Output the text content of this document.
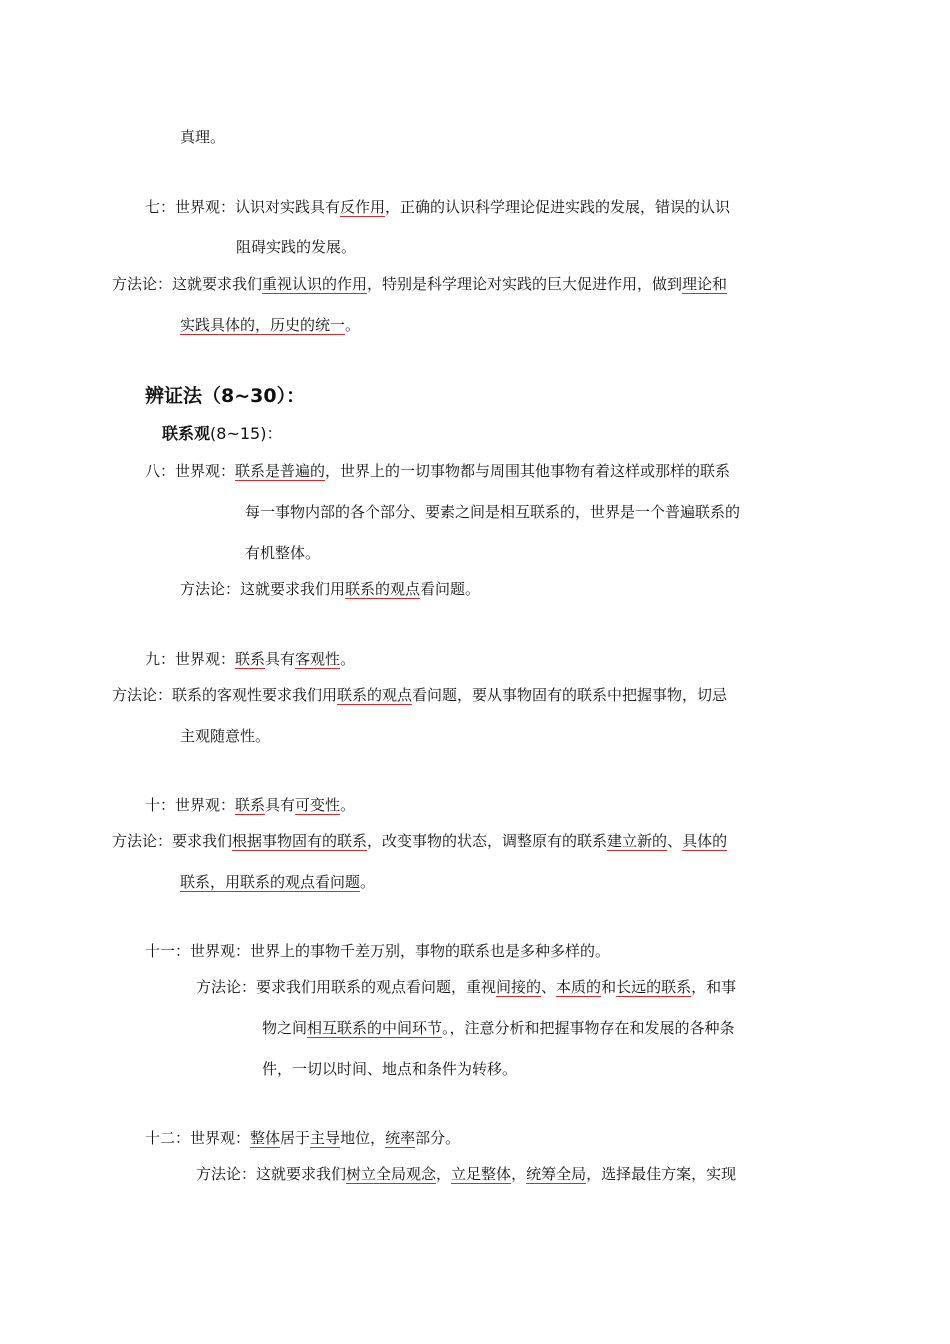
真理。
七：世界观：认识对实践具有反作用，正确的认识科学理论促进实践的发展，错误的认识
阻碍实践的发展。
方法论：这就要求我们重视认识的作用，特别是科学理论对实践的巨大促进作用，做到理论和
实践具体的，历史的统一。
辨证法（8~30）：
联系观(8~15)：
八：世界观：联系是普遍的，世界上的一切事物都与周围其他事物有着这样或那样的联系
每一事物内部的各个部分、要素之间是相互联系的，世界是一个普遍联系的
有机整体。
方法论：这就要求我们用联系的观点看问题。
九：世界观：联系具有客观性。
方法论：联系的客观性要求我们用联系的观点看问题，要从事物固有的联系中把握事物，切忌
主观随意性。
十：世界观：联系具有可变性。
方法论：要求我们根据事物固有的联系，改变事物的状态，调整原有的联系建立新的、具体的
联系，用联系的观点看问题。
十一：世界观：世界上的事物千差万别，事物的联系也是多种多样的。
方法论：要求我们用联系的观点看问题，重视间接的、本质的和长远的联系，和事
物之间相互联系的中间环节。，注意分析和把握事物存在和发展的各种条
件，一切以时间、地点和条件为转移。
十二：世界观：整体居于主导地位，统率部分。
方法论：这就要求我们树立全局观念，立足整体，统筹全局，选择最佳方案，实现
